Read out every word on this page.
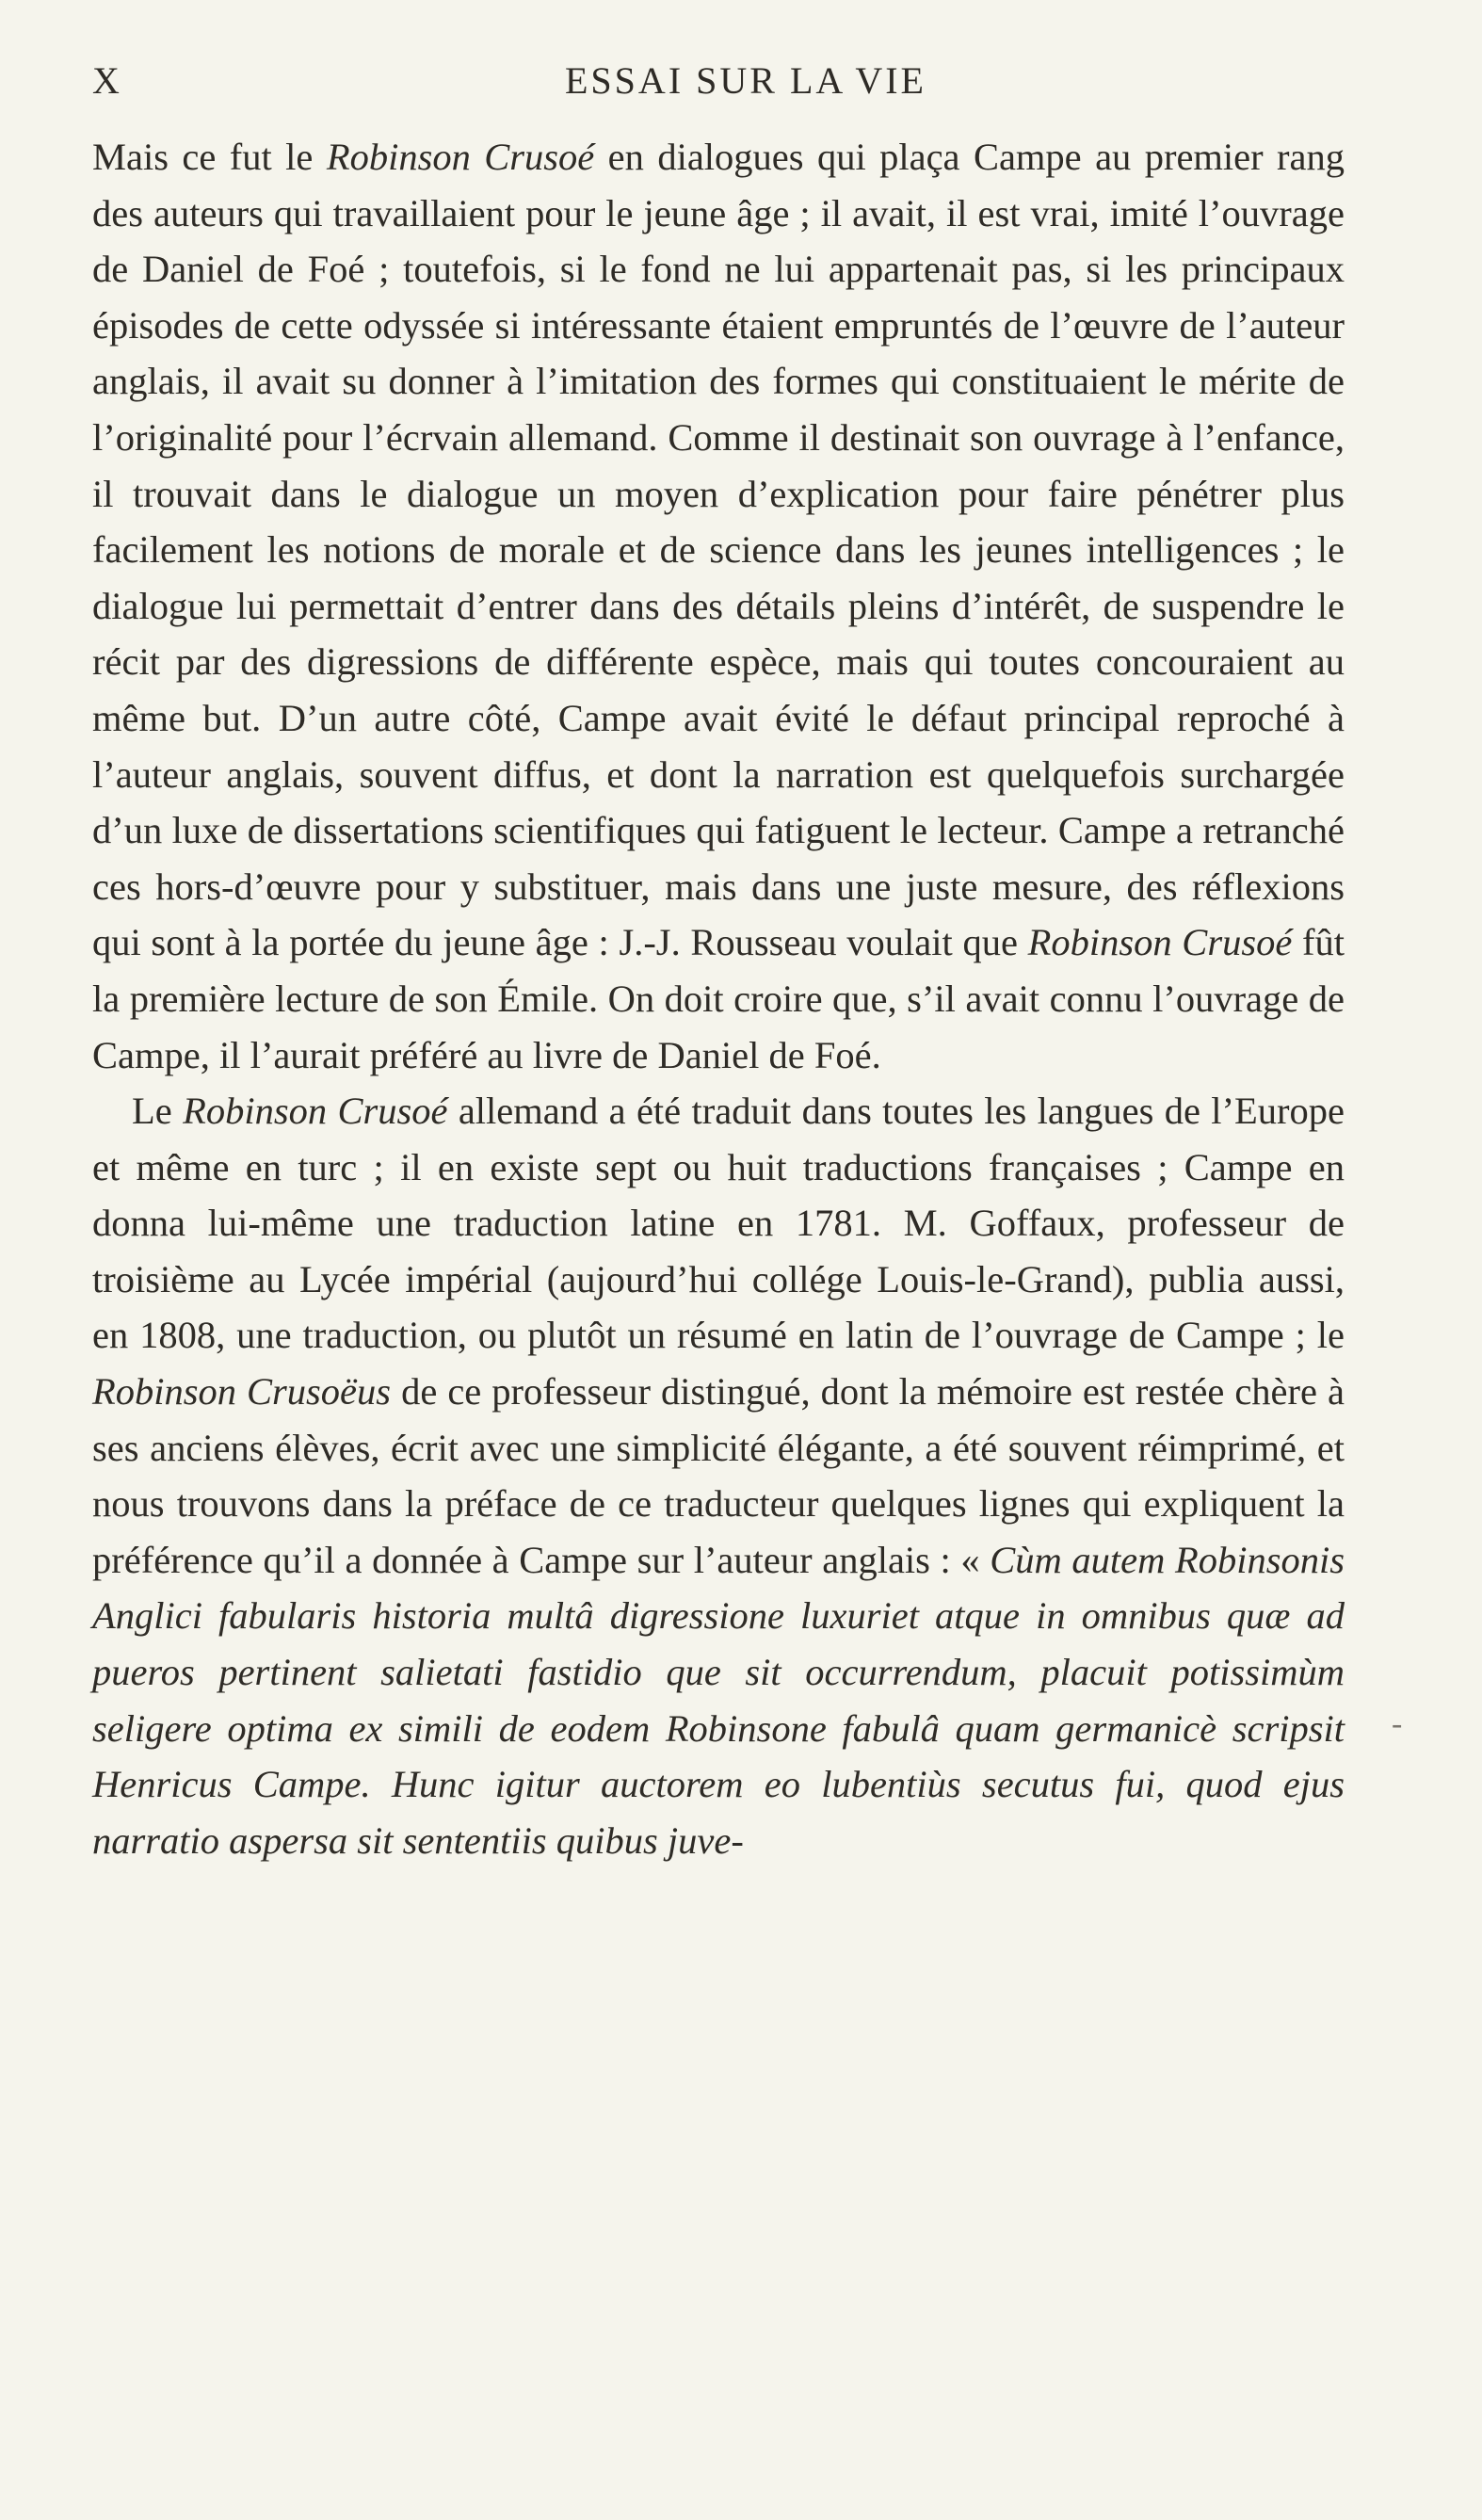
X	ESSAI SUR LA VIE

Mais ce fut le Robinson Crusoé en dialogues qui plaça Campe au premier rang des auteurs qui travaillaient pour le jeune âge ; il avait, il est vrai, imité l’ouvrage de Daniel de Foé ; toutefois, si le fond ne lui appartenait pas, si les principaux épisodes de cette odyssée si intéressante étaient empruntés de l’œuvre de l’auteur anglais, il avait su donner à l’imitation des formes qui constituaient le mérite de l’originalité pour l’écrvain allemand. Comme il destinait son ouvrage à l’enfance, il trouvait dans le dialogue un moyen d’explication pour faire pénétrer plus facilement les notions de morale et de science dans les jeunes intelligences ; le dialogue lui permettait d’entrer dans des détails pleins d’intérêt, de suspendre le récit par des digressions de différente espèce, mais qui toutes concouraient au même but. D’un autre côté, Campe avait évité le défaut principal reproché à l’auteur anglais, souvent diffus, et dont la narration est quelquefois surchargée d’un luxe de dissertations scientifiques qui fatiguent le lecteur. Campe a retranché ces hors-d’œuvre pour y substituer, mais dans une juste mesure, des réflexions qui sont à la portée du jeune âge : J.-J. Rousseau voulait que Robinson Crusoé fût la première lecture de son Émile. On doit croire que, s’il avait connu l’ouvrage de Campe, il l’aurait préféré au livre de Daniel de Foé.

Le Robinson Crusoé allemand a été traduit dans toutes les langues de l’Europe et même en turc ; il en existe sept ou huit traductions françaises ; Campe en donna lui-même une traduction latine en 1781. M. Goffaux, professeur de troisième au Lycée impérial (aujourd’hui collége Louis-le-Grand), publia aussi, en 1808, une traduction, ou plutôt un résumé en latin de l’ouvrage de Campe ; le Robinson Crusoëus de ce professeur distingué, dont la mémoire est restée chère à ses anciens élèves, écrit avec une simplicité élégante, a été souvent réimprimé, et nous trouvons dans la préface de ce traducteur quelques lignes qui expliquent la préférence qu’il a donnée à Campe sur l’auteur anglais : « Cùm autem Robinsonis Anglici fabularis historia multâ digressione luxuriet atque in omnibus quæ ad pueros pertinent salietati fastidio que sit occurrendum, placuit potissimùm seligere optima ex simili de eodem Robinsone fabulâ quam germanicè scripsit Henricus Campe. Hunc igitur auctorem eo lubentiùs secutus fui, quod ejus narratio aspersa sit sententiis quibus juve-

-
